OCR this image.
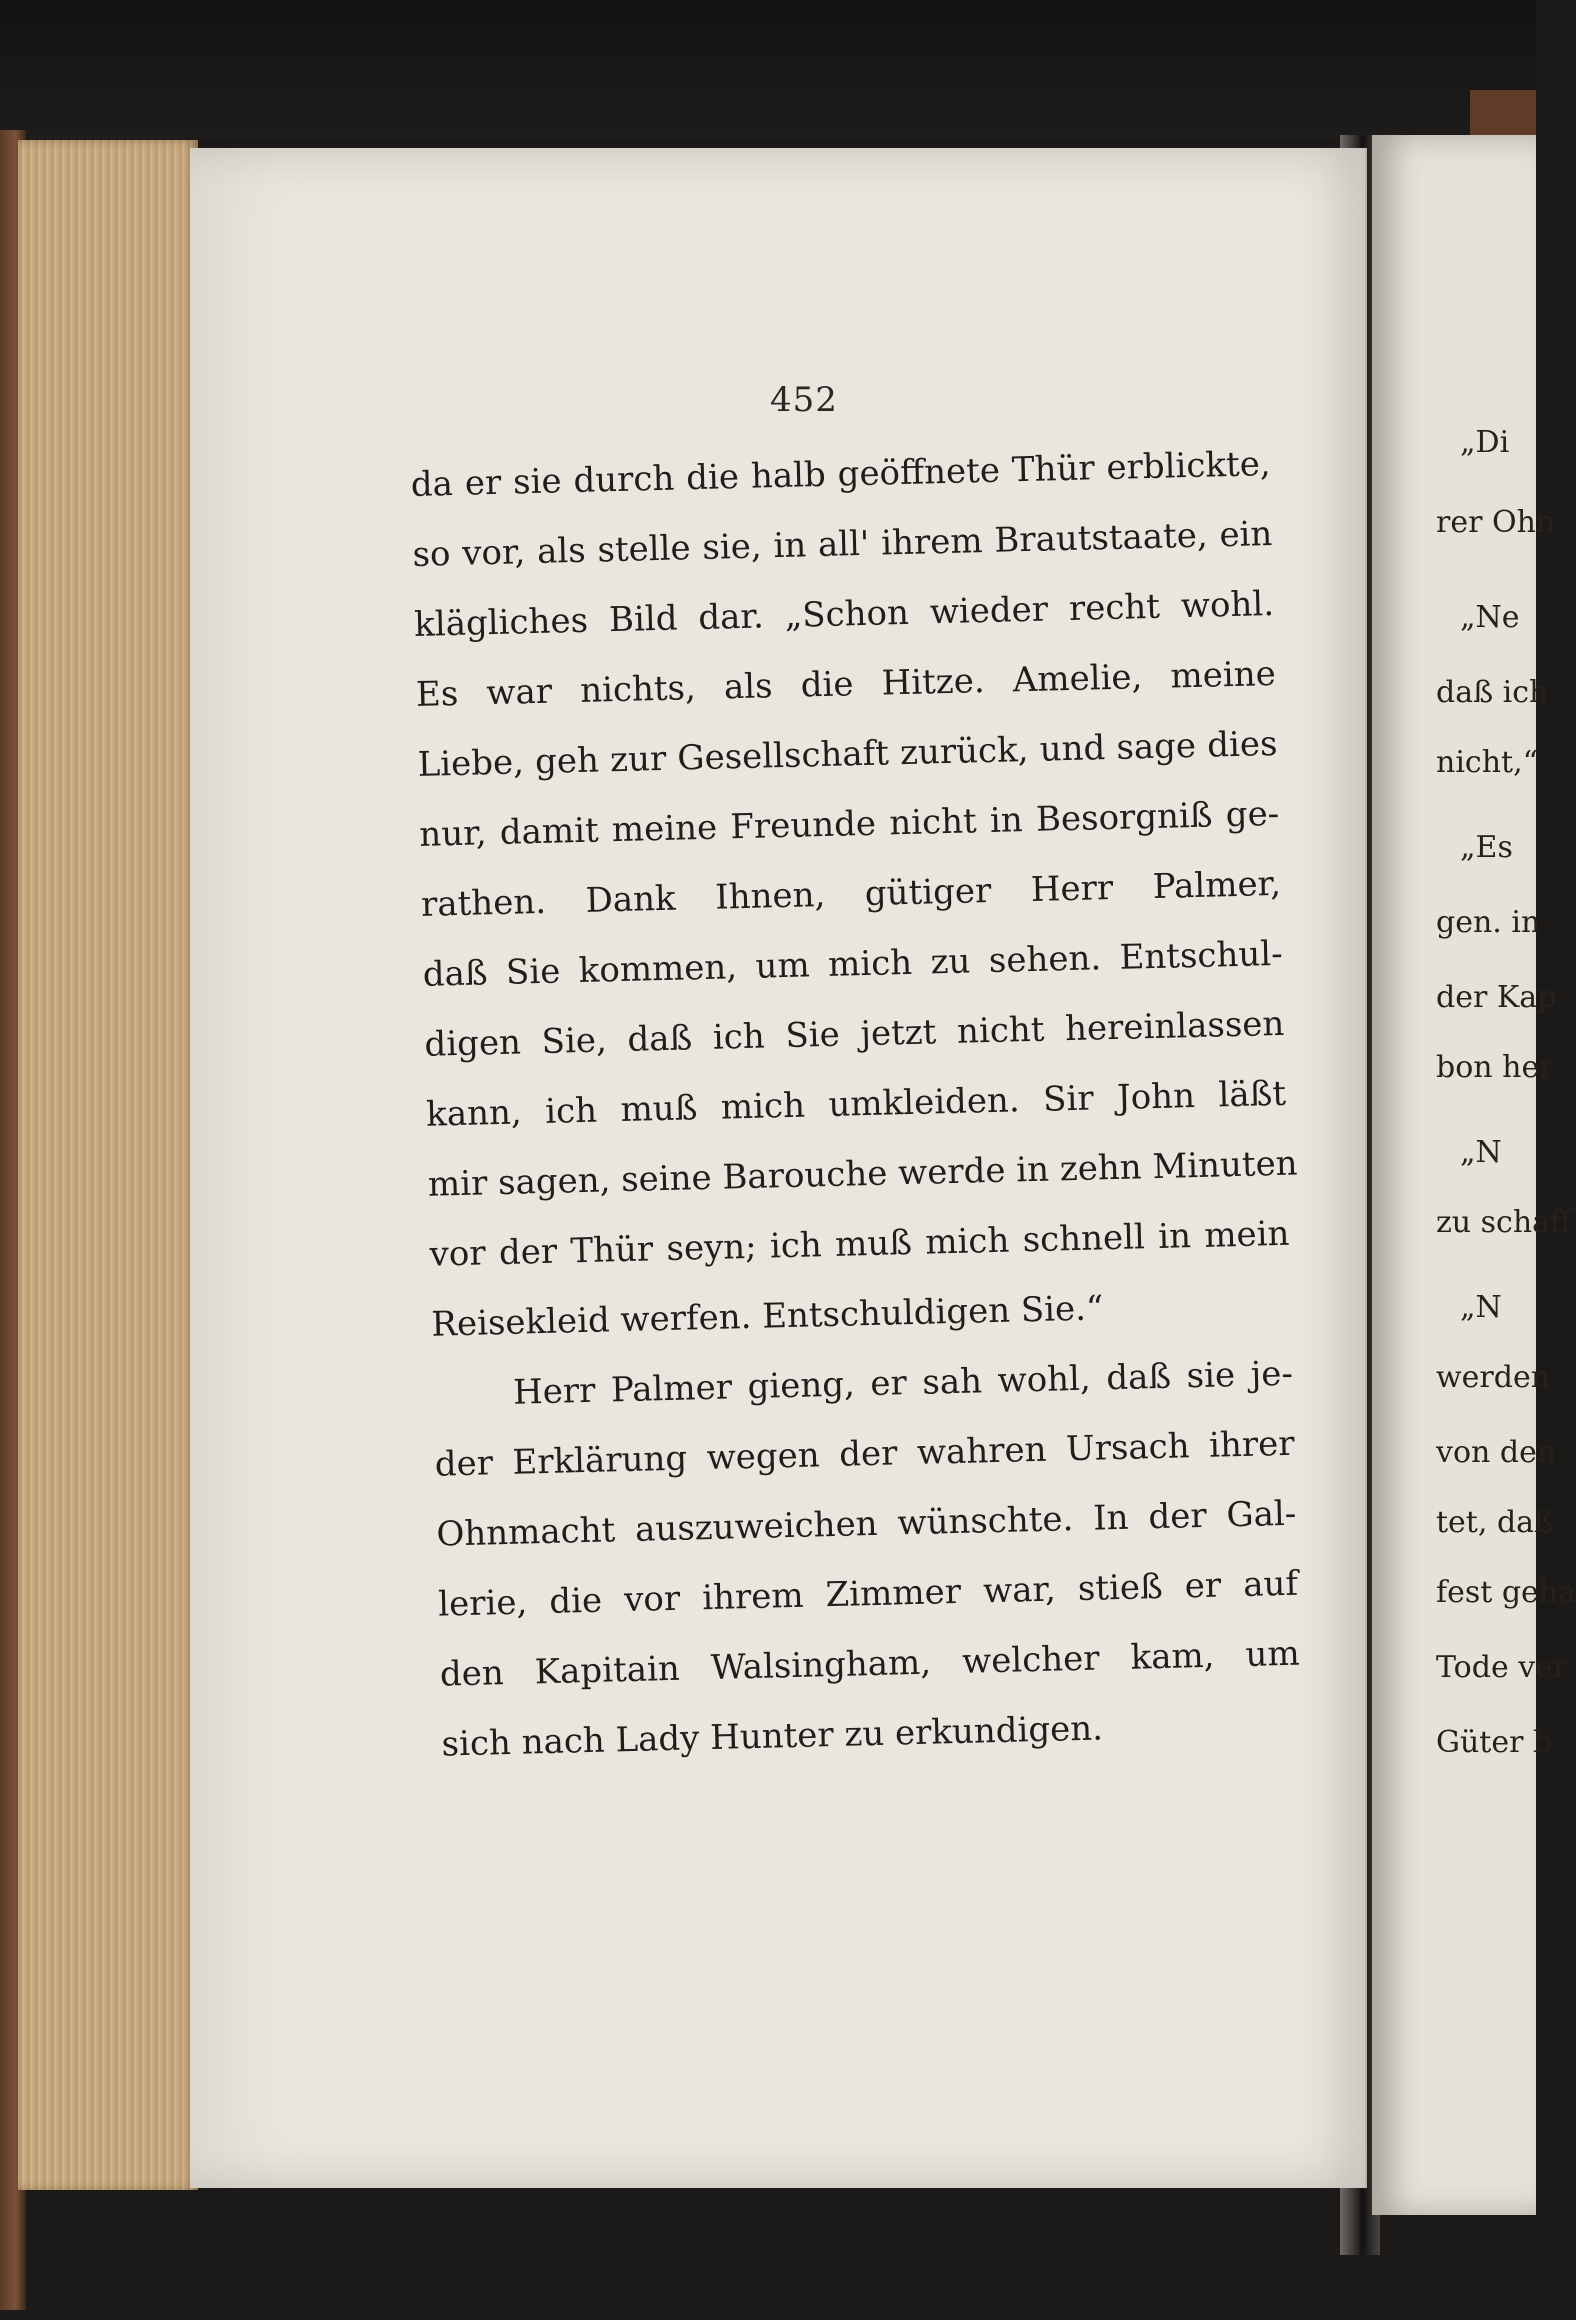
452
da er sie durch die halb geöffnete Thür erblickte,
so vor, als stelle sie, in all' ihrem Brautstaate, ein
klägliches Bild dar. „Schon wieder recht wohl.
Es war nichts, als die Hitze. Amelie, meine
Liebe, geh zur Gesellschaft zurück, und sage dies
nur, damit meine Freunde nicht in Besorgniß ge-
rathen. Dank Ihnen, gütiger Herr Palmer,
daß Sie kommen, um mich zu sehen. Entschul-
digen Sie, daß ich Sie jetzt nicht hereinlassen
kann, ich muß mich umkleiden. Sir John läßt
mir sagen, seine Barouche werde in zehn Minuten
vor der Thür seyn; ich muß mich schnell in mein
Reisekleid werfen. Entschuldigen Sie.“
Herr Palmer gieng, er sah wohl, daß sie je-
der Erklärung wegen der wahren Ursach ihrer
Ohnmacht auszuweichen wünschte. In der Gal-
lerie, die vor ihrem Zimmer war, stieß er auf
den Kapitain Walsingham, welcher kam, um
sich nach Lady Hunter zu erkundigen.
„Di
rer Ohn
„Ne
daß ich
nicht,“
„Es
gen. in
der Kap
bon her
„N
zu schaff
„N
werden
von den
tet, daß
fest geha
Tode ver
Güter b
